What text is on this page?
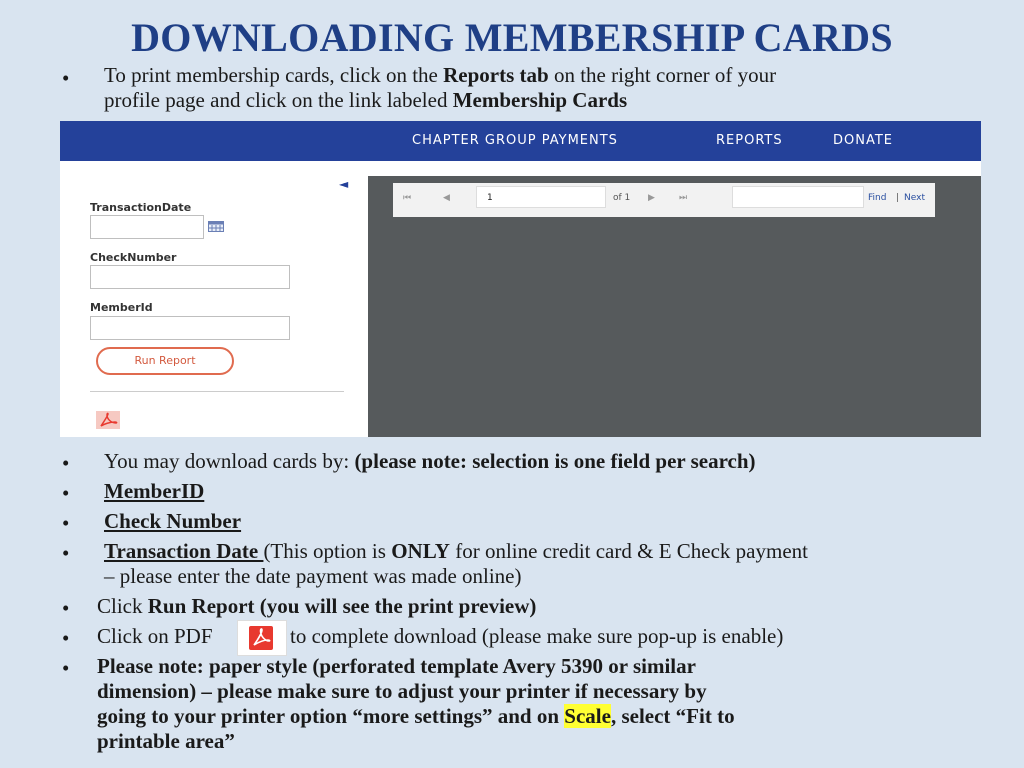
DOWNLOADING MEMBERSHIP CARDS
• To print membership cards, click on the Reports tab on the right corner of your
profile page and click on the link labeled Membership Cards
CHAPTER GROUP PAYMENTS	REPORTS	DONATE
◄
TransactionDate
CheckNumber
MemberId
Run Report
⏮	◀	1	of 1 ▶	⏭	Find | Next
• You may download cards by: (please note: selection is one field per search)
• MemberID
• Check Number
• Transaction Date (This option is ONLY for online credit card & E Check payment
– please enter the date payment was made online)
• Click Run Report (you will see the print preview)
• Click on PDF	to complete download (please make sure pop-up is enable)
• Please note: paper style (perforated template Avery 5390 or similar
dimension) – please make sure to adjust your printer if necessary by
going to your printer option “more settings” and on Scale, select “Fit to
printable area”
